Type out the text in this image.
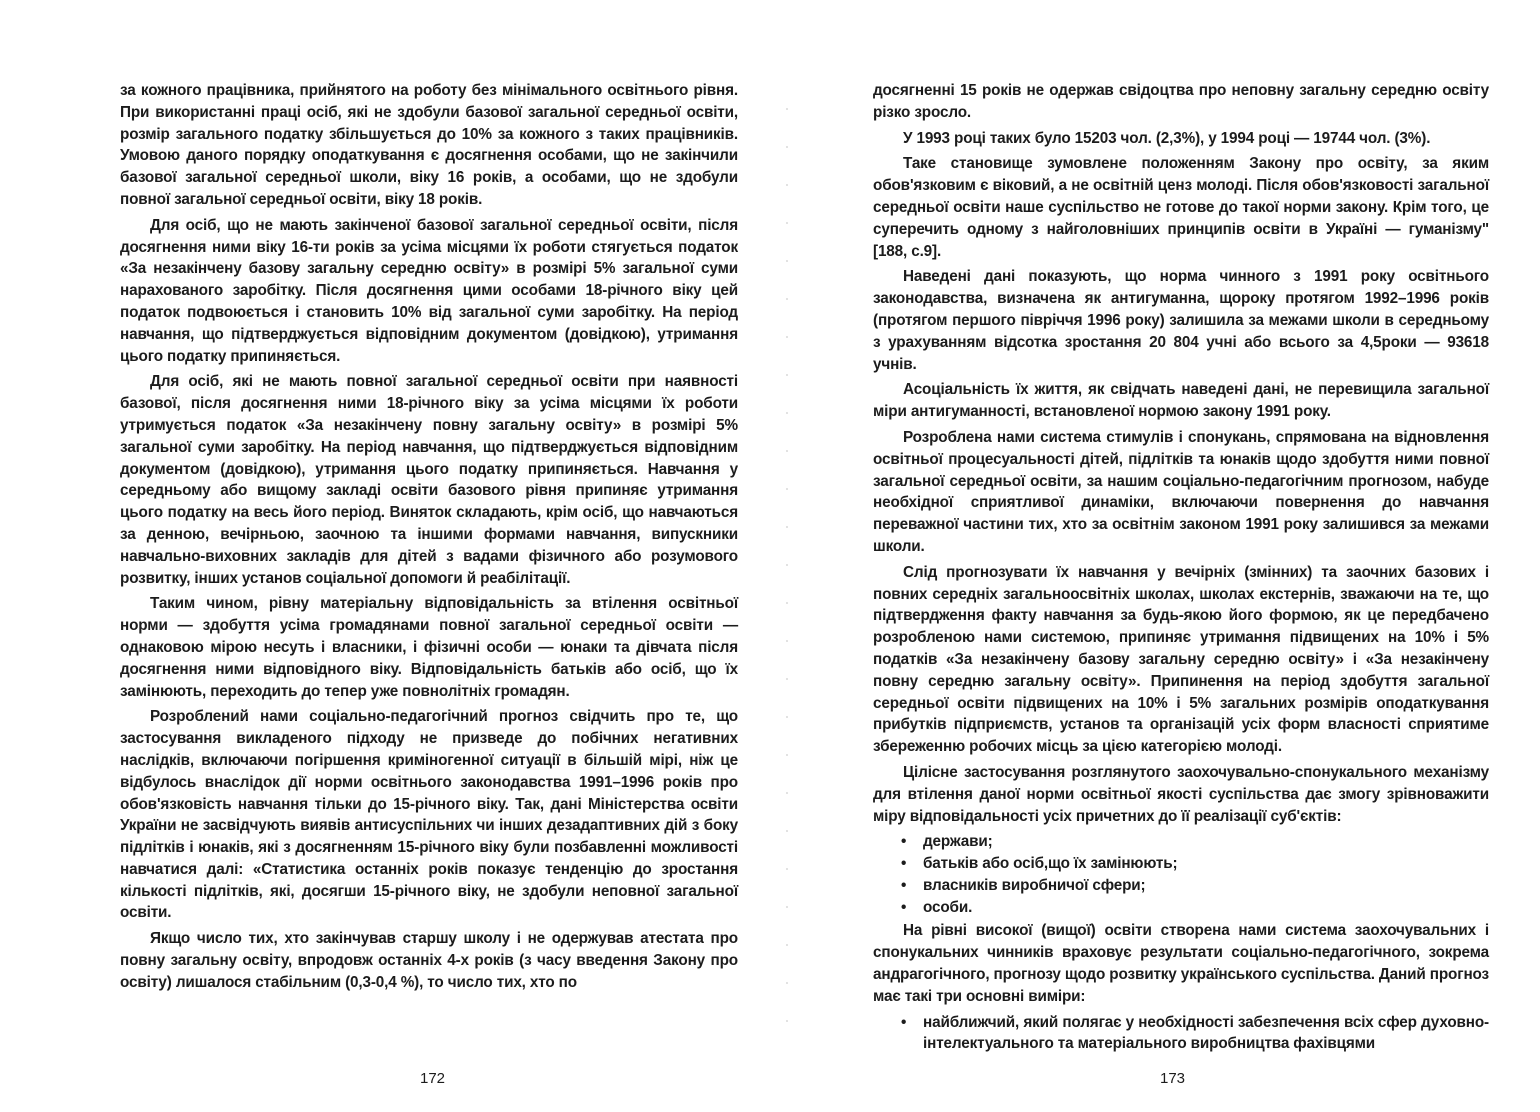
за кожного працівника, прийнятого на роботу без мінімального освітнього рівня. При використанні праці осіб, які не здобули базової загальної середньої освіти, розмір загального податку збільшується до 10% за кожного з таких працівників. Умовою даного порядку оподаткування є досягнення особами, що не закінчили базової загальної середньої школи, віку 16 років, а особами, що не здобули повної загальної середньої освіти, віку 18 років.

Для осіб, що не мають закінченої базової загальної середньої освіти, після досягнення ними віку 16-ти років за усіма місцями їх роботи стягується податок «За незакінчену базову загальну середню освіту» в розмірі 5% загальної суми нарахованого заробітку. Після досягнення цими особами 18-річного віку цей податок подвоюється і становить 10% від загальної суми заробітку. На період навчання, що підтверджується відповідним документом (довідкою), утримання цього податку припиняється.

Для осіб, які не мають повної загальної середньої освіти при наявності базової, після досягнення ними 18-річного віку за усіма місцями їх роботи утримується податок «За незакінчену повну загальну освіту» в розмірі 5% загальної суми заробітку. На період навчання, що підтверджується відповідним документом (довідкою), утримання цього податку припиняється. Навчання у середньому або вищому закладі освіти базового рівня припиняє утримання цього податку на весь його період. Виняток складають, крім осіб, що навчаються за денною, вечірньою, заочною та іншими формами навчання, випускники навчально-виховних закладів для дітей з вадами фізичного або розумового розвитку, інших установ соціальної допомоги й реабілітації.

Таким чином, рівну матеріальну відповідальність за втілення освітньої норми — здобуття усіма громадянами повної загальної середньої освіти — однаковою мірою несуть і власники, і фізичні особи — юнаки та дівчата після досягнення ними відповідного віку. Відповідальність батьків або осіб, що їх замінюють, переходить до тепер уже повнолітніх громадян.

Розроблений нами соціально-педагогічний прогноз свідчить про те, що застосування викладеного підходу не призведе до побічних негативних наслідків, включаючи погіршення криміногенної ситуації в більшій мірі, ніж це відбулось внаслідок дії норми освітнього законодавства 1991–1996 років про обов'язковість навчання тільки до 15-річного віку. Так, дані Міністерства освіти України не засвідчують виявів антисуспільних чи інших дезадаптивних дій з боку підлітків і юнаків, які з досягненням 15-річного віку були позбавленні можливості навчатися далі: «Статистика останніх років показує тенденцію до зростання кількості підлітків, які, досягши 15-річного віку, не здобули неповної загальної освіти.

Якщо число тих, хто закінчував старшу школу і не одержував атестата про повну загальну освіту, впродовж останніх 4-х років (з часу введення Закону про освіту) лишалося стабільним (0,3-0,4 %), то число тих, хто по

172

досягненні 15 років не одержав свідоцтва про неповну загальну середню освіту різко зросло.

У 1993 році таких було 15203 чол. (2,3%), у 1994 році — 19744 чол. (3%).

Таке становище зумовлене положенням Закону про освіту, за яким обов'язковим є віковий, а не освітній ценз молоді. Після обов'язковості загальної середньої освіти наше суспільство не готове до такої норми закону. Крім того, це суперечить одному з найголовніших принципів освіти в Україні — гуманізму" [188, с.9].

Наведені дані показують, що норма чинного з 1991 року освітнього законодавства, визначена як антигуманна, щороку протягом 1992–1996 років (протягом першого півріччя 1996 року) залишила за межами школи в середньому з урахуванням відсотка зростання 20 804 учні або всього за 4,5роки — 93618 учнів.

Асоціальність їх життя, як свідчать наведені дані, не перевищила загальної міри антигуманності, встановленої нормою закону 1991 року.

Розроблена нами система стимулів і спонукань, спрямована на відновлення освітньої процесуальності дітей, підлітків та юнаків щодо здобуття ними повної загальної середньої освіти, за нашим соціально-педагогічним прогнозом, набуде необхідної сприятливої динаміки, включаючи повернення до навчання переважної частини тих, хто за освітнім законом 1991 року залишився за межами школи.

Слід прогнозувати їх навчання у вечірніх (змінних) та заочних базових і повних середніх загальноосвітніх школах, школах екстернів, зважаючи на те, що підтвердження факту навчання за будь-якою його формою, як це передбачено розробленою нами системою, припиняє утримання підвищених на 10% і 5% податків «За незакінчену базову загальну середню освіту» і «За незакінчену повну середню загальну освіту». Припинення на період здобуття загальної середньої освіти підвищених на 10% і 5% загальних розмірів оподаткування прибутків підприємств, установ та організацій усіх форм власності сприятиме збереженню робочих місць за цією категорією молоді.

Цілісне застосування розглянутого заохочувально-спонукального механізму для втілення даної норми освітньої якості суспільства дає змогу зрівноважити міру відповідальності усіх причетних до її реалізації суб'єктів:

• держави;
• батьків або осіб,що їх замінюють;
• власників виробничої сфери;
• особи.

На рівні високої (вищої) освіти створена нами система заохочувальних і спонукальних чинників враховує результати соціально-педагогічного, зокрема андрагогічного, прогнозу щодо розвитку українського суспільства. Даний прогноз має такі три основні виміри:

• найближчий, який полягає у необхідності забезпечення всіх сфер духовно-інтелектуального та матеріального виробництва фахівцями
173
